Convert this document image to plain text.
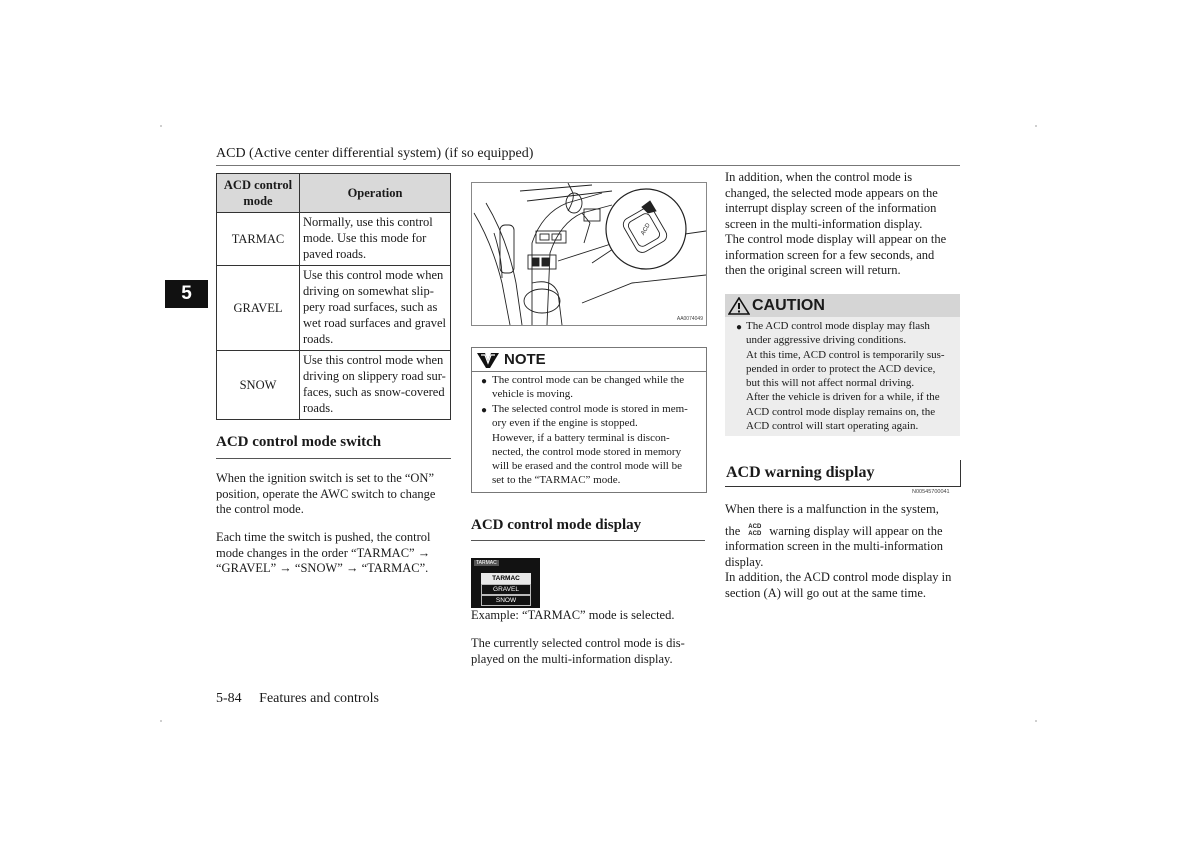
ACD (Active center differential system) (if so equipped)
5
ACD control mode	Operation
TARMAC	Normally, use this control
mode. Use this mode for
paved roads.

GRAVEL	Use this control mode when
driving on somewhat slip-
pery road surfaces, such as
wet road surfaces and gravel
roads.

SNOW	Use this control mode when
driving on slippery road sur-
faces, such as snow-covered
roads.
ACD control mode switch
When the ignition switch is set to the “ON”
position, operate the AWC switch to change
the control mode.
Each time the switch is pushed, the control
mode changes in the order “TARMAC” →
“GRAVEL” → “SNOW” → “TARMAC”.
ACD
AA0074049
NOTE
● The control mode can be changed while the
vehicle is moving.
● The selected control mode is stored in mem-
ory even if the engine is stopped.
However, if a battery terminal is discon-
nected, the control mode stored in memory
will be erased and the control mode will be
set to the “TARMAC” mode.
ACD control mode display
TARMAC
TARMAC
GRAVEL
SNOW
Example: “TARMAC” mode is selected.
The currently selected control mode is dis-
played on the multi-information display.
In addition, when the control mode is
changed, the selected mode appears on the
interrupt display screen of the information
screen in the multi-information display.
The control mode display will appear on the
information screen for a few seconds, and
then the original screen will return.
CAUTION
● The ACD control mode display may flash
under aggressive driving conditions.
At this time, ACD control is temporarily sus-
pended in order to protect the ACD device,
but this will not affect normal driving.
After the vehicle is driven for a while, if the
ACD control mode display remains on, the
ACD control will start operating again.
ACD warning display
N00545700041
When there is a malfunction in the system,
the ACD
ACD warning display will appear on the
information screen in the multi-information
display.
In addition, the ACD control mode display in
section (A) will go out at the same time.
5-84 Features and controls
